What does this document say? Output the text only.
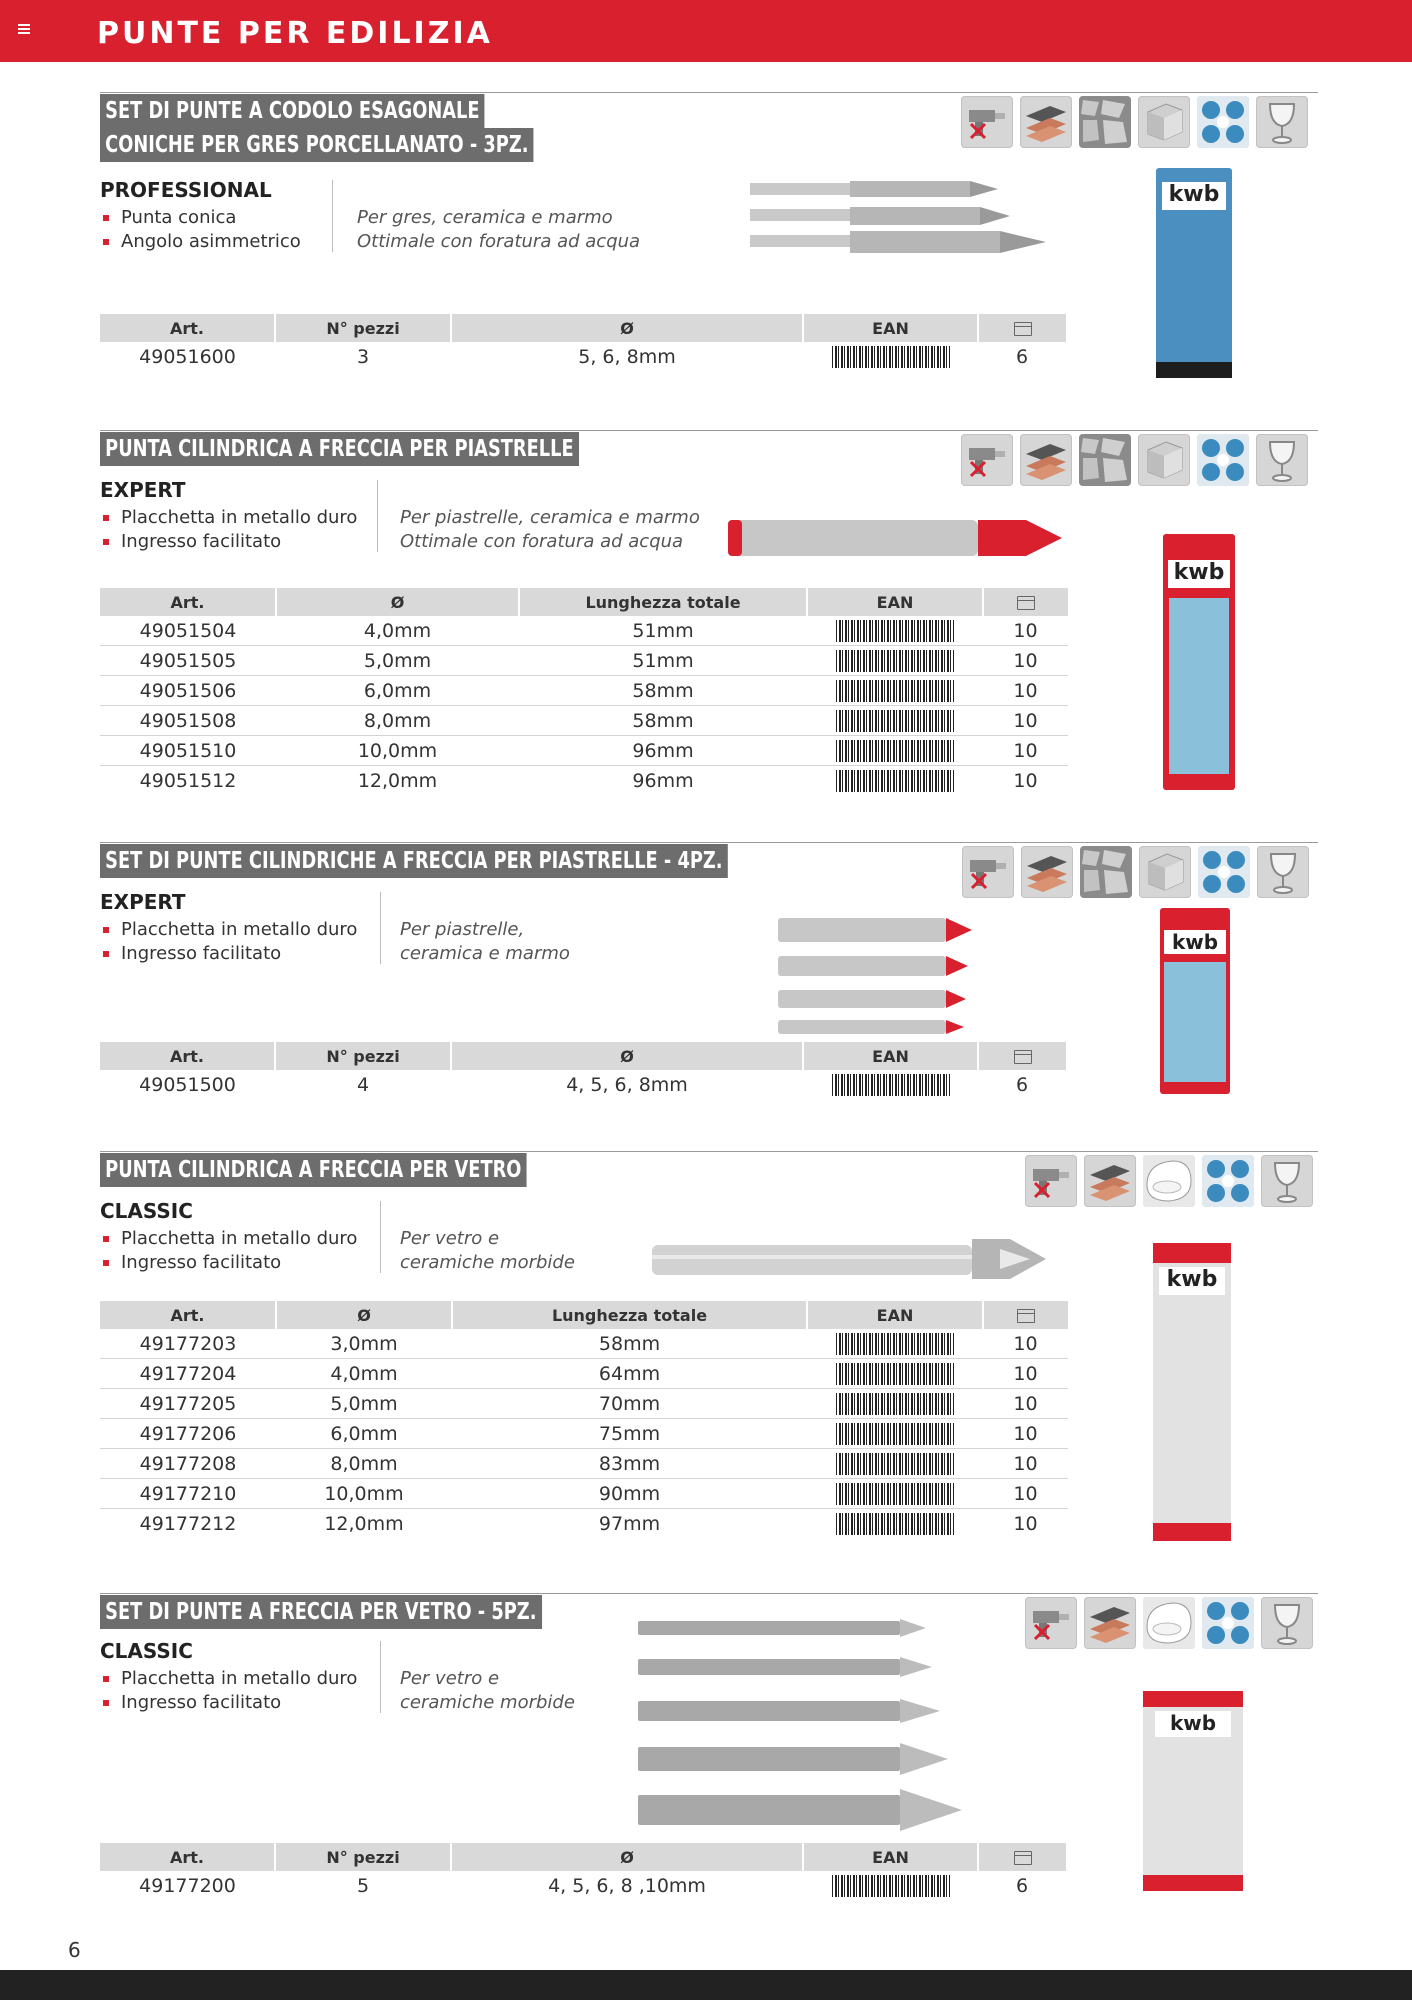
PUNTE PER EDILIZIA
SET DI PUNTE A CODOLO ESAGONALE
CONICHE PER GRES PORCELLANATO - 3PZ.
PROFESSIONAL
Punta conica
Angolo asimmetrico
Per gres, ceramica e marmo
Ottimale con foratura ad acqua
kwb
Art.	N° pezzi	Ø	EAN	
49051600	3	5, 6, 8mm		6
PUNTA CILINDRICA A FRECCIA PER PIASTRELLE
EXPERT
Placchetta in metallo duro
Ingresso facilitato
Per piastrelle, ceramica e marmo
Ottimale con foratura ad acqua
kwb
Art.	Ø	Lunghezza totale	EAN	
49051504	4,0mm	51mm		10
49051505	5,0mm	51mm		10
49051506	6,0mm	58mm		10
49051508	8,0mm	58mm		10
49051510	10,0mm	96mm		10
49051512	12,0mm	96mm		10
SET DI PUNTE CILINDRICHE A FRECCIA PER PIASTRELLE - 4PZ.
EXPERT
Placchetta in metallo duro
Ingresso facilitato
Per piastrelle,
ceramica e marmo	kwb
Art.	N° pezzi	Ø	EAN	
49051500	4	4, 5, 6, 8mm		6
PUNTA CILINDRICA A FRECCIA PER VETRO
CLASSIC
Placchetta in metallo duro
Ingresso facilitato
Per vetro e
ceramiche morbide
kwb
Art.	Ø	Lunghezza totale	EAN	
49177203	3,0mm	58mm		10
49177204	4,0mm	64mm		10
49177205	5,0mm	70mm		10
49177206	6,0mm	75mm		10
49177208	8,0mm	83mm		10
49177210	10,0mm	90mm		10
49177212	12,0mm	97mm		10
SET DI PUNTE A FRECCIA PER VETRO - 5PZ.
CLASSIC
Placchetta in metallo duro
Ingresso facilitato
Per vetro e
ceramiche morbide
kwb
Art.	N° pezzi	Ø	EAN	
49177200	5	4, 5, 6, 8 ,10mm		6
6
